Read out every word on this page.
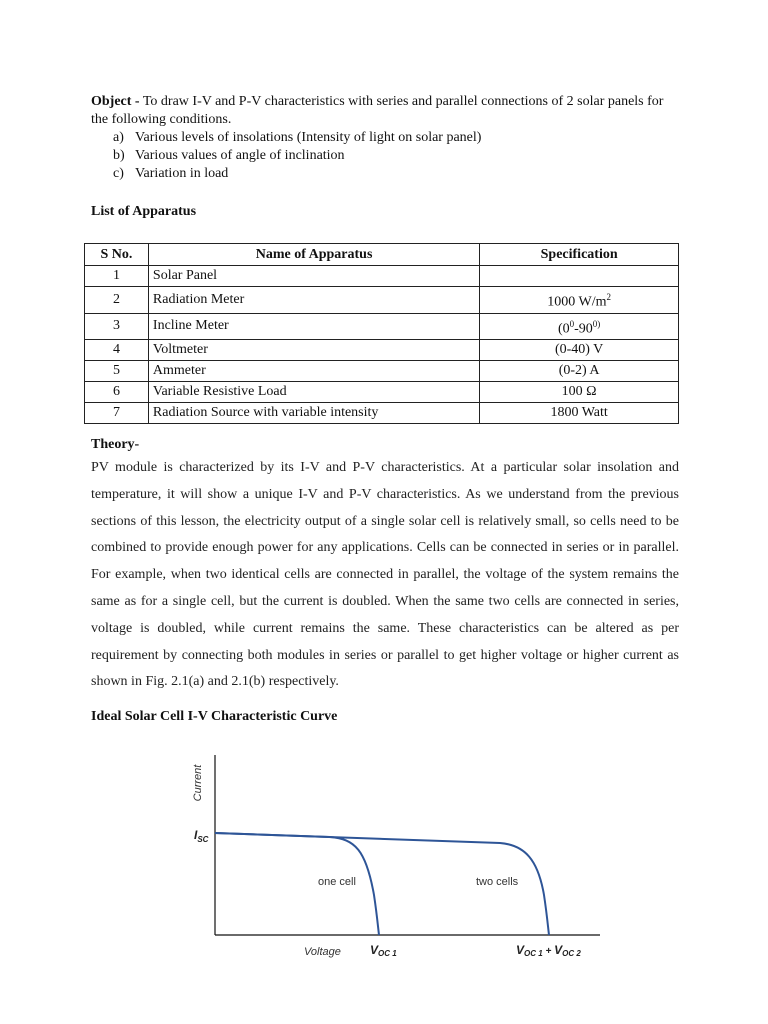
Object - To draw I-V and P-V characteristics with series and parallel connections of 2 solar panels for the following conditions.
a) Various levels of insolations (Intensity of light on solar panel)
b) Various values of angle of inclination
c) Variation in load
List of Apparatus
S No.	Name of Apparatus	Specification
1	Solar Panel	
2	Radiation Meter	1000 $W/m^2$
3	Incline Meter	($0^0-90^{0)}$
4	Voltmeter	(0-40) V
5	Ammeter	(0-2) A
6	Variable Resistive Load	100 Ω
7	Radiation Source with variable intensity	1800 Watt
Theory-
PV module is characterized by its I-V and P-V characteristics. At a particular solar insolation and temperature, it will show a unique I-V and P-V characteristics. As we understand from the previous sections of this lesson, the electricity output of a single solar cell is relatively small, so cells need to be combined to provide enough power for any applications. Cells can be connected in series or in parallel. For example, when two identical cells are connected in parallel, the voltage of the system remains the same as for a single cell, but the current is doubled. When the same two cells are connected in series, voltage is doubled, while current remains the same. These characteristics can be altered as per requirement by connecting both modules in series or parallel to get higher voltage or higher current as shown in Fig. 2.1(a) and 2.1(b) respectively.
Ideal Solar Cell I-V Characteristic Curve
Current
$I_{SC}$
one cell	two cells
Voltage VOC 1	VOC 1 + VOC 2
